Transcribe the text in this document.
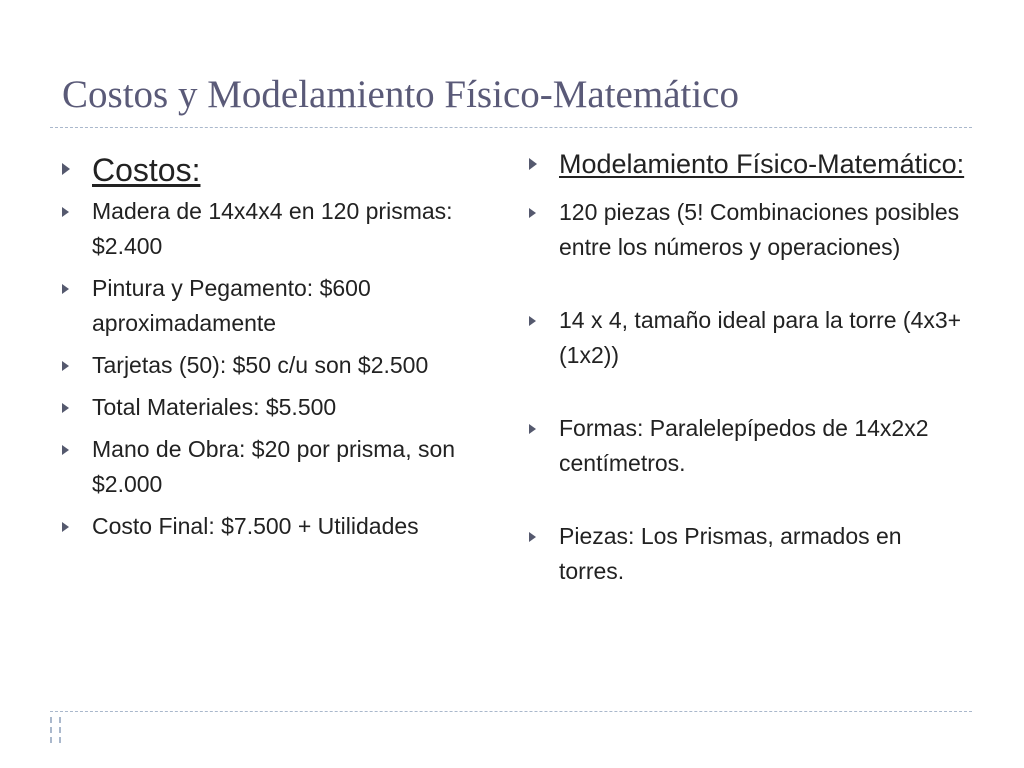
Costos y Modelamiento Físico-Matemático
Costos:
Madera de 14x4x4 en 120 prismas: $2.400
Pintura y Pegamento: $600 aproximadamente
Tarjetas (50): $50 c/u son $2.500
Total Materiales: $5.500
Mano de Obra: $20 por prisma, son $2.000
Costo Final: $7.500 + Utilidades
Modelamiento Físico-Matemático:
120 piezas (5! Combinaciones posibles entre los números y operaciones)
14 x 4, tamaño ideal para la torre (4x3+(1x2))
Formas: Paralelepípedos de 14x2x2 centímetros.
Piezas: Los Prismas, armados en torres.
